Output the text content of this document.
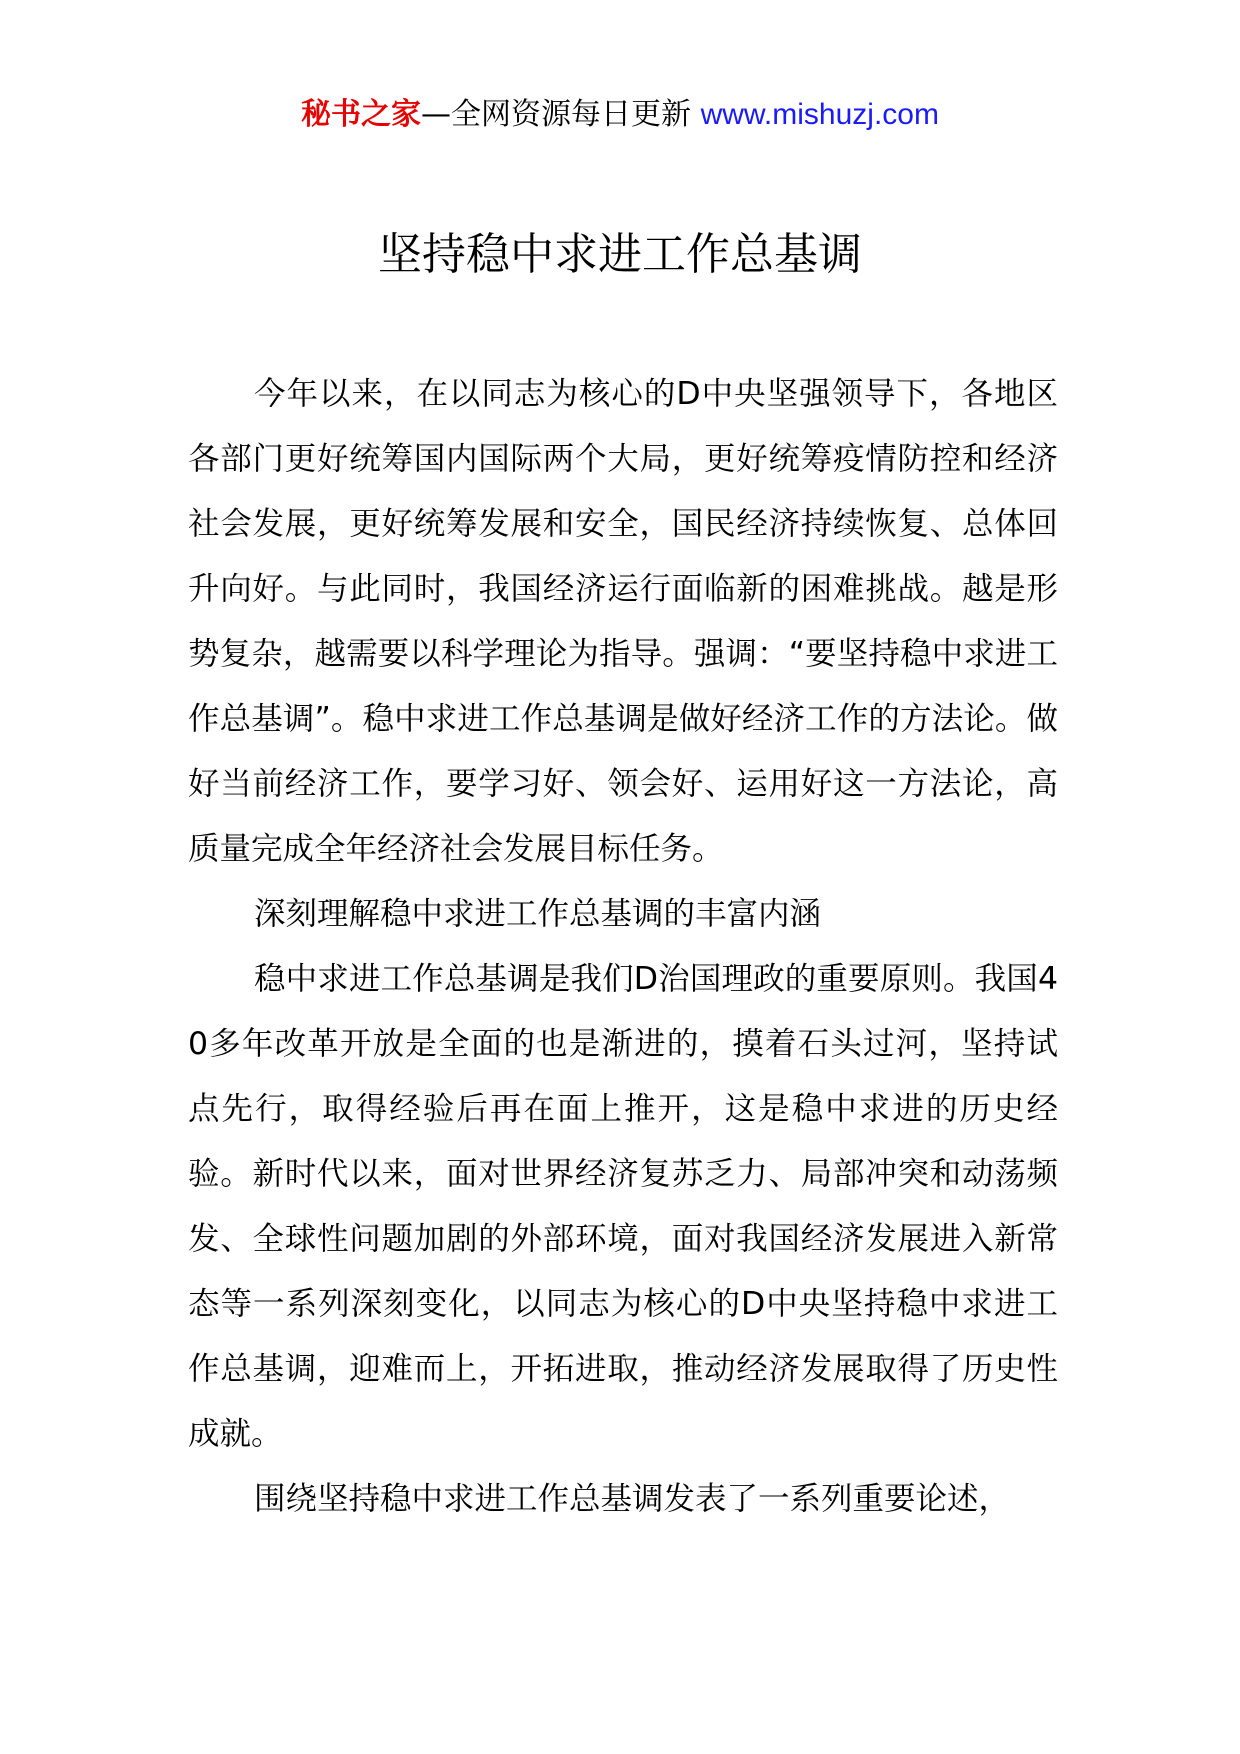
秘书之家—全网资源每日更新 www.mishuzj.com
坚持稳中求进工作总基调

今年以来，在以同志为核心的D中央坚强领导下，各地区各部门更好统筹国内国际两个大局，更好统筹疫情防控和经济社会发展，更好统筹发展和安全，国民经济持续恢复、总体回升向好。与此同时，我国经济运行面临新的困难挑战。越是形势复杂，越需要以科学理论为指导。强调：“要坚持稳中求进工作总基调”。稳中求进工作总基调是做好经济工作的方法论。做好当前经济工作，要学习好、领会好、运用好这一方法论，高质量完成全年经济社会发展目标任务。

深刻理解稳中求进工作总基调的丰富内涵

稳中求进工作总基调是我们D治国理政的重要原则。我国40多年改革开放是全面的也是渐进的，摸着石头过河，坚持试点先行，取得经验后再在面上推开，这是稳中求进的历史经验。新时代以来，面对世界经济复苏乏力、局部冲突和动荡频发、全球性问题加剧的外部环境，面对我国经济发展进入新常态等一系列深刻变化，以同志为核心的D中央坚持稳中求进工作总基调，迎难而上，开拓进取，推动经济发展取得了历史性成就。

围绕坚持稳中求进工作总基调发表了一系列重要论述，
